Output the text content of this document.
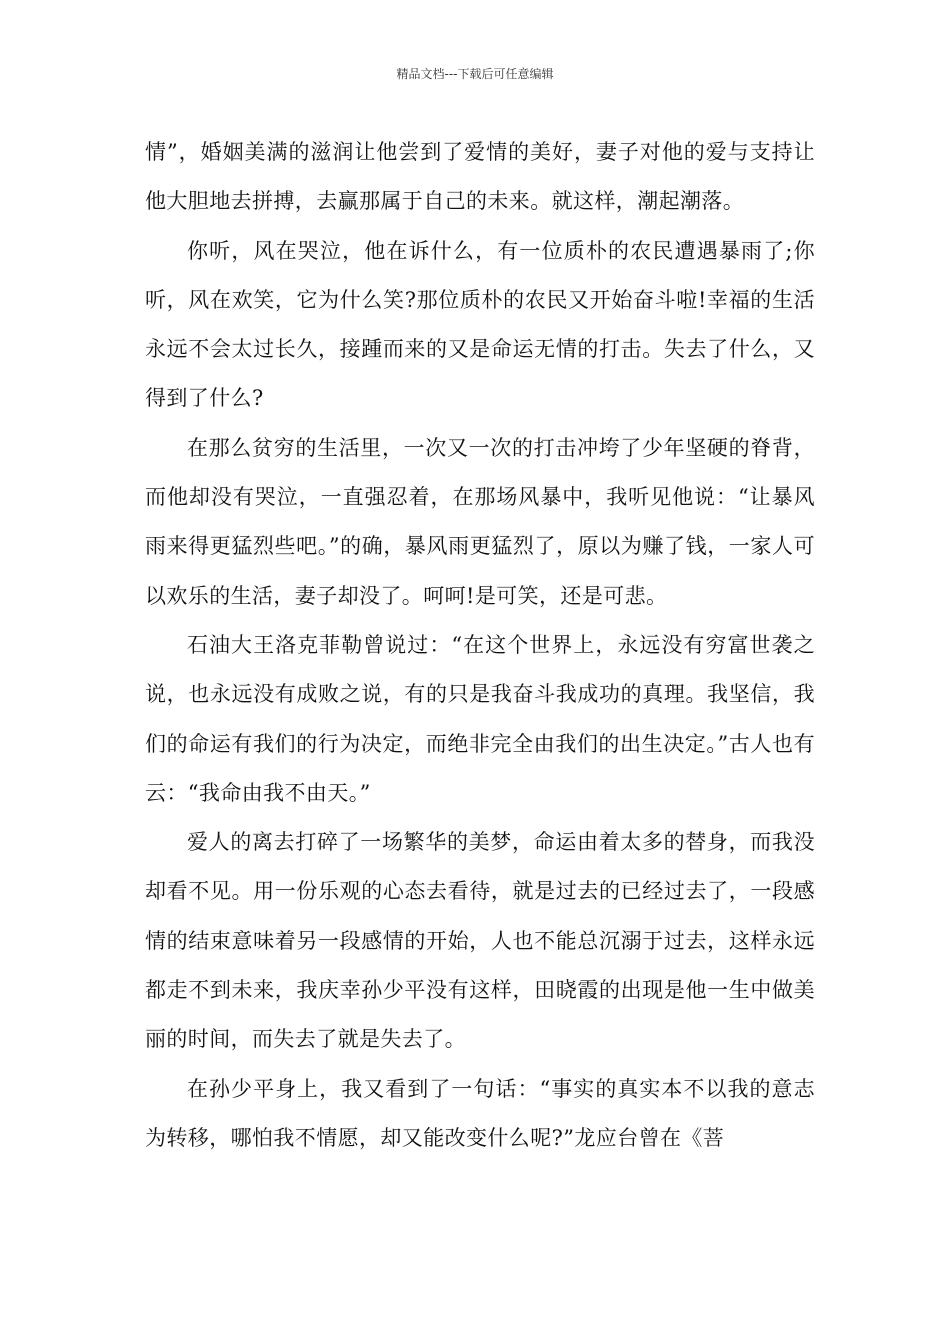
精品文档---下载后可任意编辑

情”，婚姻美满的滋润让他尝到了爱情的美好，妻子对他的爱与支持让他大胆地去拼搏，去赢那属于自己的未来。就这样，潮起潮落。

你听，风在哭泣，他在诉什么，有一位质朴的农民遭遇暴雨了;你听，风在欢笑，它为什么笑?那位质朴的农民又开始奋斗啦!幸福的生活永远不会太过长久，接踵而来的又是命运无情的打击。失去了什么，又得到了什么?

在那么贫穷的生活里，一次又一次的打击冲垮了少年坚硬的脊背，而他却没有哭泣，一直强忍着，在那场风暴中，我听见他说：“让暴风雨来得更猛烈些吧。”的确，暴风雨更猛烈了，原以为赚了钱，一家人可以欢乐的生活，妻子却没了。呵呵!是可笑，还是可悲。

石油大王洛克菲勒曾说过：“在这个世界上，永远没有穷富世袭之说，也永远没有成败之说，有的只是我奋斗我成功的真理。我坚信，我们的命运有我们的行为决定，而绝非完全由我们的出生决定。”古人也有云：“我命由我不由天。”

爱人的离去打碎了一场繁华的美梦，命运由着太多的替身，而我没却看不见。用一份乐观的心态去看待，就是过去的已经过去了，一段感情的结束意味着另一段感情的开始，人也不能总沉溺于过去，这样永远都走不到未来，我庆幸孙少平没有这样，田晓霞的出现是他一生中做美丽的时间，而失去了就是失去了。

在孙少平身上，我又看到了一句话：“事实的真实本不以我的意志为转移，哪怕我不情愿，却又能改变什么呢?”龙应台曾在《菩
